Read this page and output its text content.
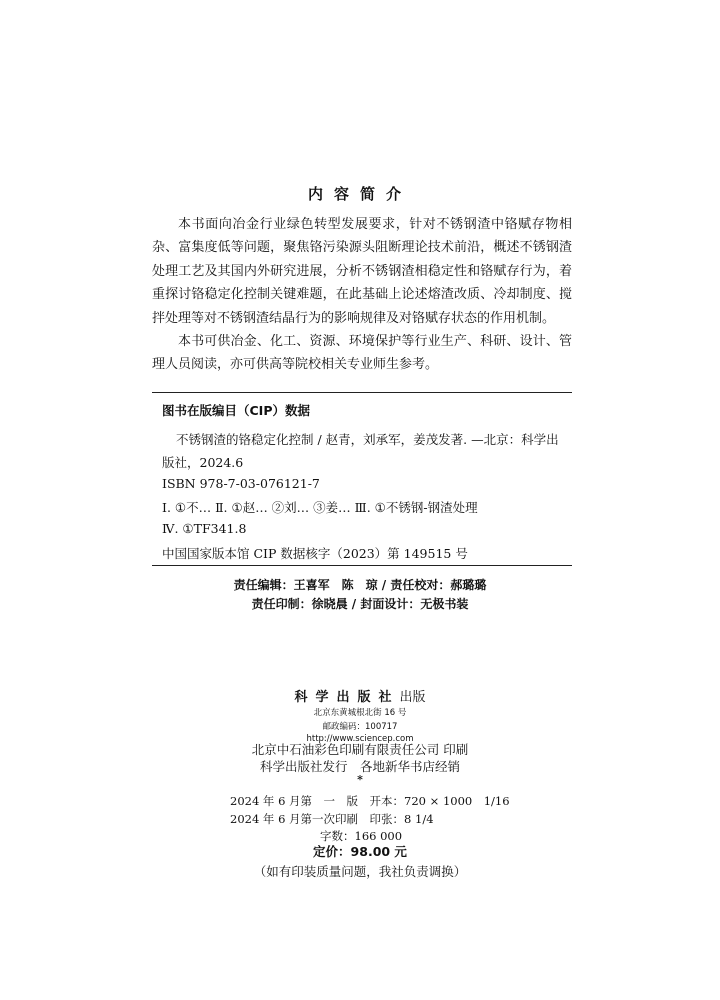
内容简介

本书面向冶金行业绿色转型发展要求，针对不锈钢渣中铬赋存物相杂、富集度低等问题，聚焦铬污染源头阻断理论技术前沿，概述不锈钢渣处理工艺及其国内外研究进展，分析不锈钢渣相稳定性和铬赋存行为，着重探讨铬稳定化控制关键难题，在此基础上论述熔渣改质、冷却制度、搅拌处理等对不锈钢渣结晶行为的影响规律及对铬赋存状态的作用机制。

本书可供冶金、化工、资源、环境保护等行业生产、科研、设计、管理人员阅读，亦可供高等院校相关专业师生参考。

图书在版编目（CIP）数据
不锈钢渣的铬稳定化控制 / 赵青，刘承军，姜茂发著. —北京：科学出
版社，2024.6
ISBN 978-7-03-076121-7
Ⅰ. ①不… Ⅱ. ①赵… ②刘… ③姜… Ⅲ. ①不锈钢-钢渣处理
Ⅳ. ①TF341.8
中国国家版本馆 CIP 数据核字（2023）第 149515 号
责任编辑：王喜军　陈　琼 / 责任校对：郝璐璐
责任印制：徐晓晨 / 封面设计：无极书装
科学出版社出版
北京东黄城根北街 16 号
邮政编码：100717
http://www.sciencep.com
北京中石油彩色印刷有限责任公司 印刷
科学出版社发行　各地新华书店经销
*
2024 年 6 月第　一　版　开本：720 × 1000　1/16
2024 年 6 月第一次印刷　印张：8 1/4
字数：166 000
定价：98.00 元
（如有印装质量问题，我社负责调换）
